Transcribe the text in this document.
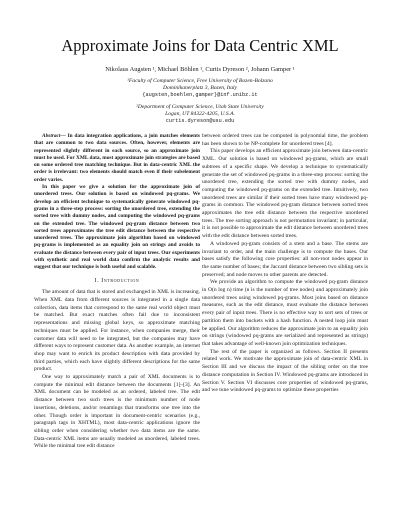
Approximate Joins for Data Centric XML
Nikolaus Augsten ¹, Michael Böhlen ¹, Curtis Dyreson ², Johann Gamper ¹
¹Faculty of Computer Science, Free University of Bozen-Bolzano
Dominikanerplatz 3, Bozen, Italy
{augsten,boehlen,gamper}@inf.unibz.it
²Department of Computer Science, Utah State University
Logan, UT 84322-4205, U.S.A.
curtis.dyreson@usu.edu

Abstract— In data integration applications, a join matches elements that are common to two data sources. Often, however, elements are represented slightly different in each source, so an approximate join must be used. For XML data, most approximate join strategies are based on some ordered tree matching technique. But in data-centric XML the order is irrelevant: two elements should match even if their subelement order varies.

In this paper we give a solution for the approximate join of unordered trees. Our solution is based on windowed pq-grams. We develop an efficient technique to systematically generate windowed pq-grams in a three-step process: sorting the unordered tree, extending the sorted tree with dummy nodes, and computing the windowed pq-grams on the extended tree. The windowed pq-gram distance between two sorted trees approximates the tree edit distance between the respective unordered trees. The approximate join algorithm based on windowed pq-grams is implemented as an equality join on strings and avoids to evaluate the distance between every pair of input trees. Our experiments with synthetic and real world data confirm the analytic results and suggest that our technique is both useful and scalable.

I. Introduction

The amount of data that is stored and exchanged in XML is increasing. When XML data from different sources is integrated in a single data collection, data items that correspond to the same real world object must be matched. But exact matches often fail due to inconsistent representations and missing global keys, so approximate matching techniques must be applied. For instance, when companies merge, their customer data will need to be integrated, but the companies may have different ways to represent customer data. As another example, an internet shop may want to enrich its product description with data provided by third parties, which each have slightly different descriptions for the same product.

One way to approximately match a pair of XML documents is to compute the minimal edit distance between the documents [1]–[3]. An XML document can be modeled as an ordered, labeled tree. The edit distance between two such trees is the minimum number of node insertions, deletions, and/or renamings that transforms one tree into the other. Though order is important in document-centric scenarios (e.g., paragraph tags in XHTML), most data-centric applications ignore the sibling order when considering whether two data items are the same. Data-centric XML items are usually modeled as unordered, labeled trees. While the minimal tree edit distance

between ordered trees can be computed in polynomial time, the problem has been shown to be NP-complete for unordered trees [4].

This paper develops an efficient approximate join between data-centric XML. Our solution is based on windowed pq-grams, which are small subtrees of a specific shape. We develop a technique to systematically generate the set of windowed pq-grams in a three-step process: sorting the unordered tree, extending the sorted tree with dummy nodes, and computing the windowed pq-grams on the extended tree. Intuitively, two unordered trees are similar if their sorted trees have many windowed pq-grams in common. The windowed pq-gram distance between sorted trees approximates the tree edit distance between the respective unordered trees. The tree sorting approach is not permutation invariant; in particular, it is not possible to approximate the edit distance between unordered trees with the edit distance between sorted trees.

A windowed pq-gram consists of a stem and a base. The stems are invariant to order, and the main challenge is to compute the bases. Our bases satisfy the following core properties: all non-root nodes appear in the same number of bases; the Jaccard distance between two sibling sets is preserved; and node moves to other parents are detected.

We provide an algorithm to compute the windowed pq-gram distance in O(n log n) time (n is the number of tree nodes) and approximately join unordered trees using windowed pq-grams. Most joins based on distance measures, such as the edit distance, must evaluate the distance between every pair of input trees. There is no effective way to sort sets of trees or partition them into buckets with a hash function. A nested loop join must be applied. Our algorithm reduces the approximate join to an equality join on strings (windowed pq-grams are serialized and represented as strings) that takes advantage of well-known join optimization techniques.

The rest of the paper is organized as follows. Section II presents related work. We motivate the approximate join of data-centric XML in Section III and we discuss the impact of the sibling order on the tree distance computation in Section IV. Windowed pq-grams are introduced in Section V. Section VI discusses core properties of windowed pq-grams, and we tune windowed pq-grams to optimize these properties
